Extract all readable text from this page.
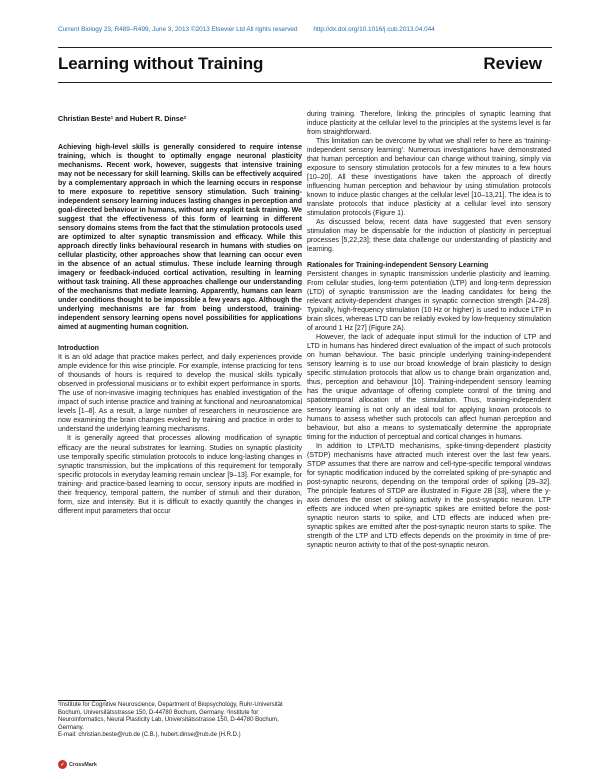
Current Biology 23, R489–R499, June 3, 2013 ©2013 Elsevier Ltd All rights reserved http://dx.doi.org/10.1016/j.cub.2013.04.044
Learning without Training	Review
Christian Beste¹ and Hubert R. Dinse²

Achieving high-level skills is generally considered to require intense training, which is thought to optimally engage neuronal plasticity mechanisms. Recent work, however, suggests that intensive training may not be necessary for skill learning. Skills can be effectively acquired by a complementary approach in which the learning occurs in response to mere exposure to repetitive sensory stimulation. Such training-independent sensory learning induces lasting changes in perception and goal-directed behaviour in humans, without any explicit task training. We suggest that the effectiveness of this form of learning in different sensory domains stems from the fact that the stimulation protocols used are optimized to alter synaptic transmission and efficacy. While this approach directly links behavioural research in humans with studies on cellular plasticity, other approaches show that learning can occur even in the absence of an actual stimulus. These include learning through imagery or feedback-induced cortical activation, resulting in learning without task training. All these approaches challenge our understanding of the mechanisms that mediate learning. Apparently, humans can learn under conditions thought to be impossible a few years ago. Although the underlying mechanisms are far from being understood, training-independent sensory learning opens novel possibilities for applications aimed at augmenting human cognition.

Introduction

It is an old adage that practice makes perfect, and daily experiences provide ample evidence for this wise principle. For example, intense practicing for tens of thousands of hours is required to develop the musical skills typically observed in professional musicians or to exhibit expert performance in sports. The use of non-invasive imaging techniques has enabled investigation of the impact of such intense practice and training at functional and neuroanatomical levels [1–8]. As a result, a large number of researchers in neuroscience are now examining the brain changes evoked by training and practice in order to understand the underlying learning mechanisms.

It is generally agreed that processes allowing modification of synaptic efficacy are the neural substrates for learning. Studies on synaptic plasticity use temporally specific stimulation protocols to induce long-lasting changes in synaptic transmission, but the implications of this requirement for temporally specific protocols in everyday learning remain unclear [9–13]. For example, for training- and practice-based learning to occur, sensory inputs are modified in their frequency, temporal pattern, the number of stimuli and their duration, form, size and intensity. But it is difficult to exactly quantify the changes in different input parameters that occur

during training. Therefore, linking the principles of synaptic learning that induce plasticity at the cellular level to the principles at the systems level is far from straightforward.

This limitation can be overcome by what we shall refer to here as 'training-independent sensory learning'. Numerous investigations have demonstrated that human perception and behaviour can change without training, simply via exposure to sensory stimulation protocols for a few minutes to a few hours [10–20]. All these investigations have taken the approach of directly influencing human perception and behaviour by using stimulation protocols known to induce plastic changes at the cellular level [10–13,21]. The idea is to translate protocols that induce plasticity at a cellular level into sensory stimulation protocols (Figure 1).

As discussed below, recent data have suggested that even sensory stimulation may be dispensable for the induction of plasticity in perceptual processes [5,22,23]; these data challenge our understanding of plasticity and learning.

Rationales for Training-independent Sensory Learning

Persistent changes in synaptic transmission underlie plasticity and learning. From cellular studies, long-term potentiation (LTP) and long-term depression (LTD) of synaptic transmission are the leading candidates for being the relevant activity-dependent changes in synaptic connection strength [24–28]. Typically, high-frequency stimulation (10 Hz or higher) is used to induce LTP in brain slices, whereas LTD can be reliably evoked by low-frequency stimulation of around 1 Hz [27] (Figure 2A).

However, the lack of adequate input stimuli for the induction of LTP and LTD in humans has hindered direct evaluation of the impact of such protocols on human behaviour. The basic principle underlying training-independent sensory learning is to use our broad knowledge of brain plasticity to design specific stimulation protocols that allow us to change brain organization and, thus, perception and behaviour [10]. Training-independent sensory learning has the unique advantage of offering complete control of the timing and spatiotemporal allocation of the stimulation. Thus, training-independent sensory learning is not only an ideal tool for applying known protocols to humans to assess whether such protocols can affect human perception and behaviour, but also a means to systematically determine the appropriate timing for the induction of perceptual and cortical changes in humans.

In addition to LTP/LTD mechanisms, spike-timing-dependent plasticity (STDP) mechanisms have attracted much interest over the last few years. STDP assumes that there are narrow and cell-type-specific temporal windows for synaptic modification induced by the correlated spiking of pre-synaptic and post-synaptic neurons, depending on the temporal order of spiking [29–32]. The principle features of STDP are illustrated in Figure 2B [33], where the y-axis denotes the onset of spiking activity in the post-synaptic neuron. LTP effects are induced when pre-synaptic spikes are emitted before the post-synaptic neuron starts to spike, and LTD effects are induced when pre-synaptic spikes are emitted after the post-synaptic neuron starts to spike. The strength of the LTP and LTD effects depends on the proximity in time of pre-synaptic neuron activity to that of the post-synaptic neuron.

¹Institute for Cognitive Neuroscience, Department of Biopsychology, Ruhr-Universität Bochum, Universitätsstrasse 150, D-44780 Bochum, Germany. ²Institute for Neuroinformatics, Neural Plasticity Lab, Universitätsstrasse 150, D-44780 Bochum, Germany.

E-mail: christian.beste@rub.de (C.B.), hubert.dinse@rub.de (H.R.D.)

✓ CrossMark
